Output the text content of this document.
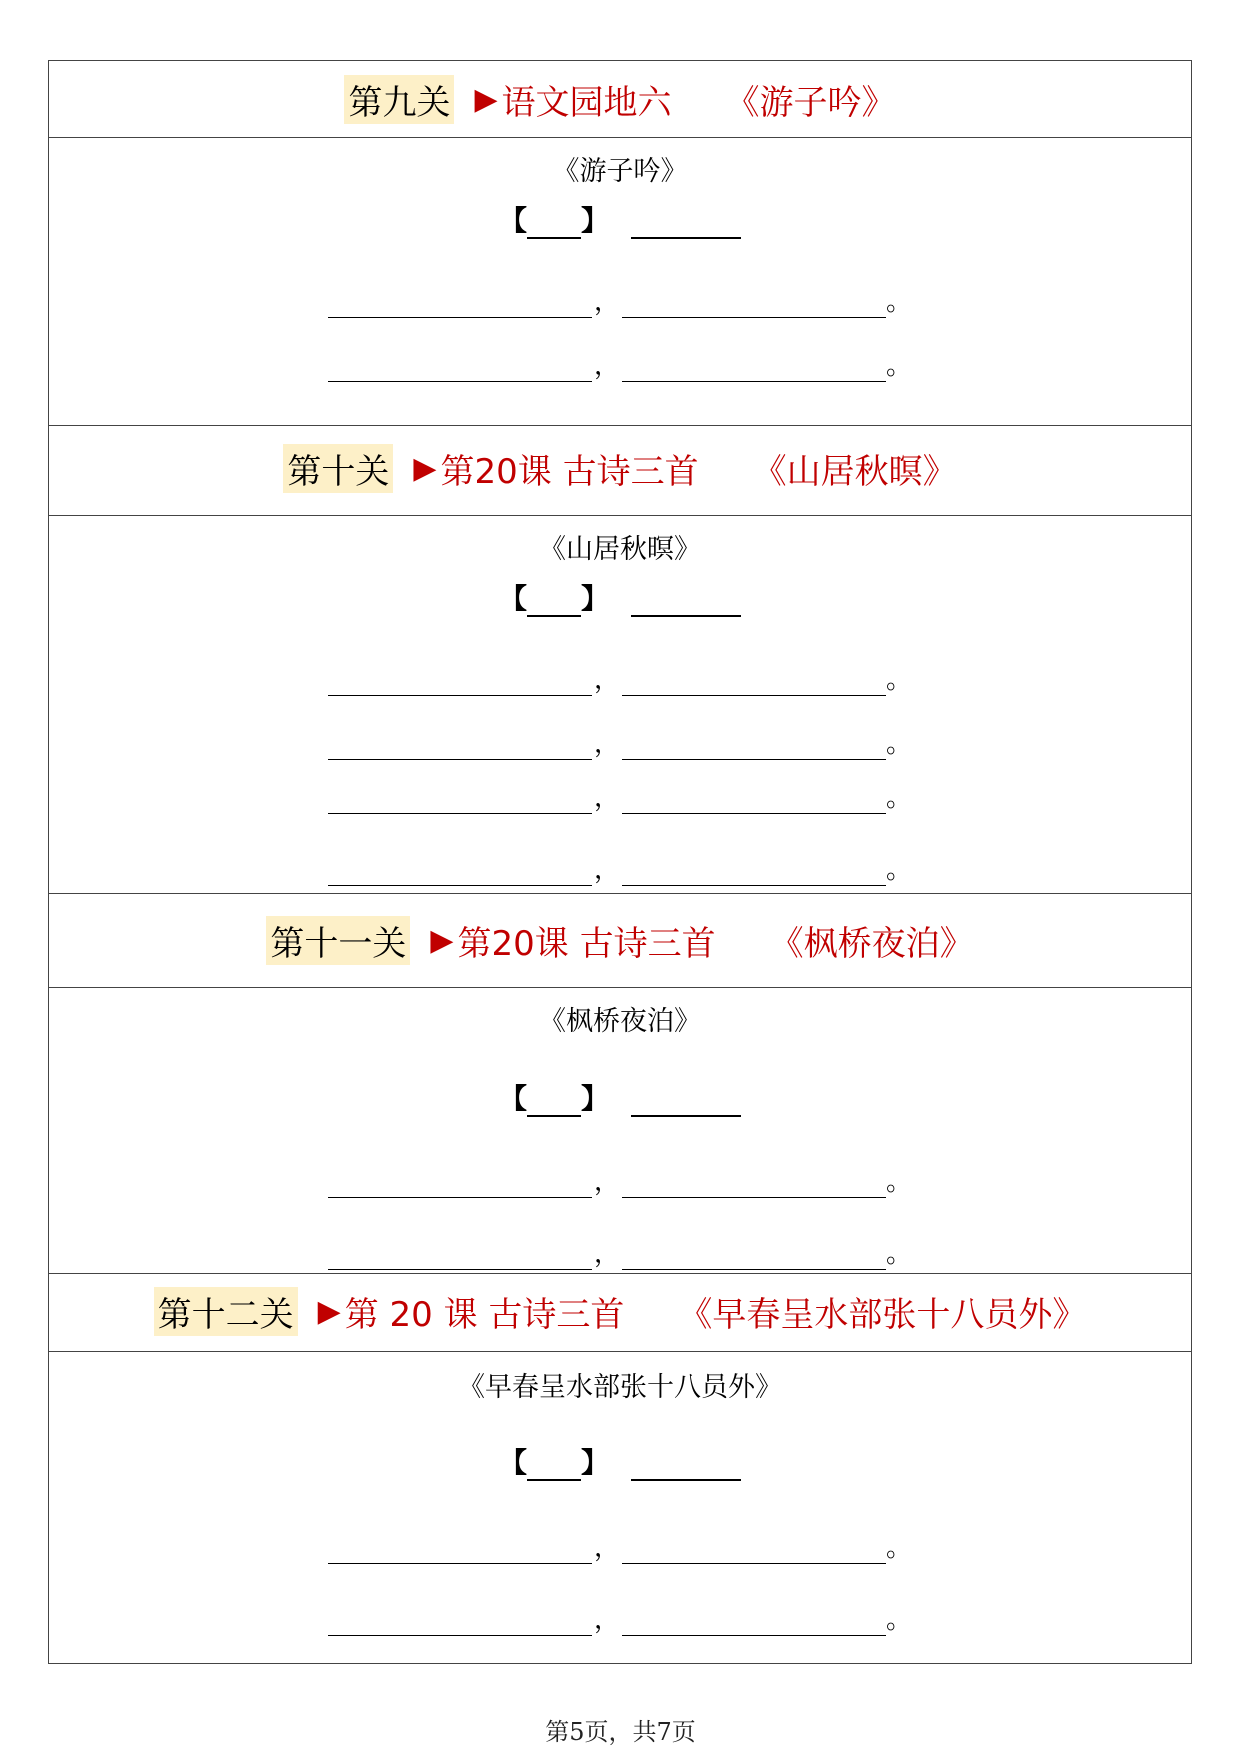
第九关 ▶ 语文园地六 《游子吟》
《游子吟》
【 】
，	。
，	。
第十关 ▶ 第20课 古诗三首 《山居秋暝》
《山居秋暝》
【 】
，	。
，	。
，	。
，	。
第十一关 ▶ 第20课 古诗三首 《枫桥夜泊》
《枫桥夜泊》
【 】
，	。
，	。
第十二关 ▶ 第 20 课 古诗三首 《早春呈水部张十八员外》
《早春呈水部张十八员外》
【 】
，	。
，	。
第5页，共7页
